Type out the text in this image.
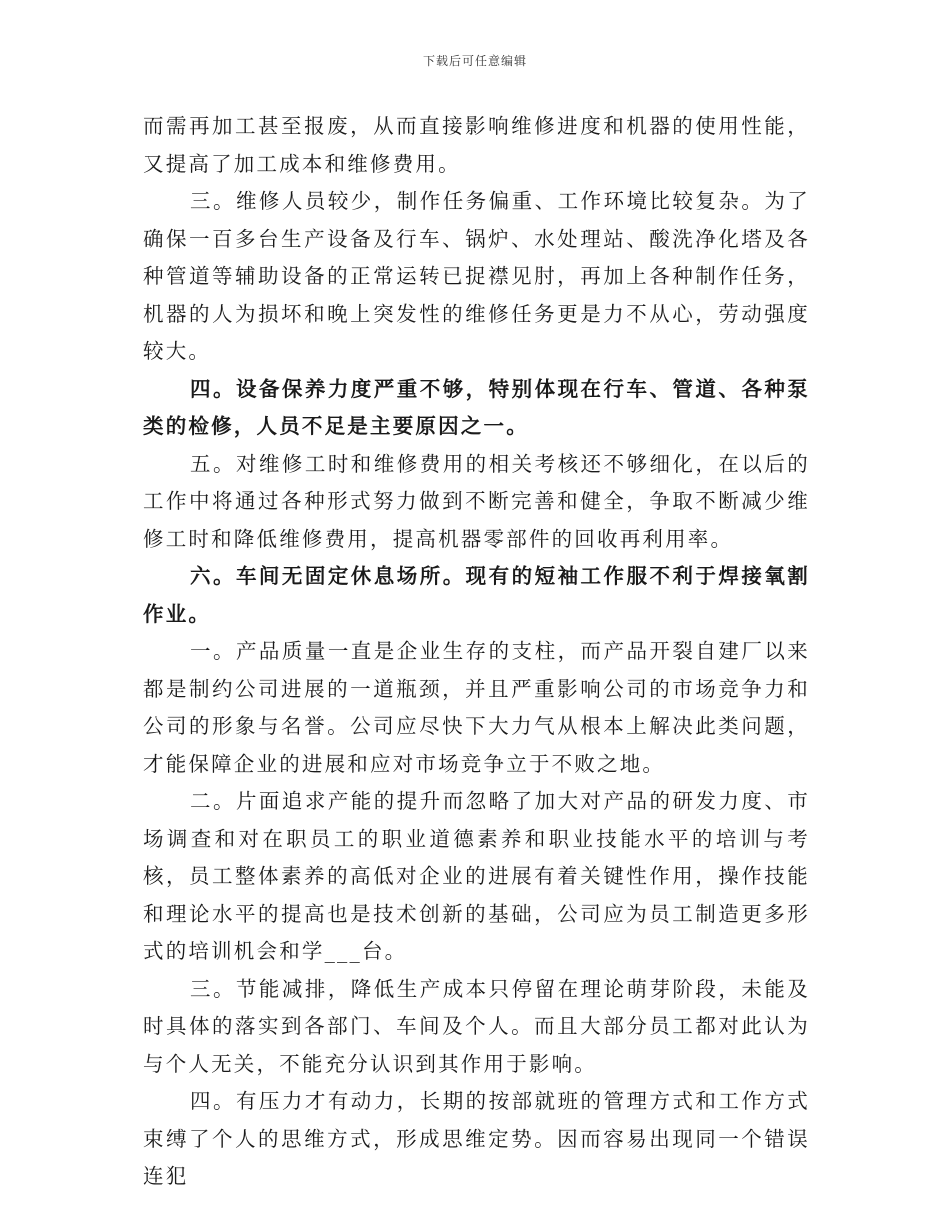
下载后可任意编辑

而需再加工甚至报废，从而直接影响维修进度和机器的使用性能，又提高了加工成本和维修费用。

三。维修人员较少，制作任务偏重、工作环境比较复杂。为了确保一百多台生产设备及行车、锅炉、水处理站、酸洗净化塔及各种管道等辅助设备的正常运转已捉襟见肘，再加上各种制作任务，机器的人为损坏和晚上突发性的维修任务更是力不从心，劳动强度较大。

四。设备保养力度严重不够，特别体现在行车、管道、各种泵类的检修，人员不足是主要原因之一。

五。对维修工时和维修费用的相关考核还不够细化，在以后的工作中将通过各种形式努力做到不断完善和健全，争取不断减少维修工时和降低维修费用，提高机器零部件的回收再利用率。

六。车间无固定休息场所。现有的短袖工作服不利于焊接氧割作业。

一。产品质量一直是企业生存的支柱，而产品开裂自建厂以来都是制约公司进展的一道瓶颈，并且严重影响公司的市场竞争力和公司的形象与名誉。公司应尽快下大力气从根本上解决此类问题，才能保障企业的进展和应对市场竞争立于不败之地。

二。片面追求产能的提升而忽略了加大对产品的研发力度、市场调查和对在职员工的职业道德素养和职业技能水平的培训与考核，员工整体素养的高低对企业的进展有着关键性作用，操作技能和理论水平的提高也是技术创新的基础，公司应为员工制造更多形式的培训机会和学___台。

三。节能减排，降低生产成本只停留在理论萌芽阶段，未能及时具体的落实到各部门、车间及个人。而且大部分员工都对此认为与个人无关，不能充分认识到其作用于影响。

四。有压力才有动力，长期的按部就班的管理方式和工作方式束缚了个人的思维方式，形成思维定势。因而容易出现同一个错误连犯
